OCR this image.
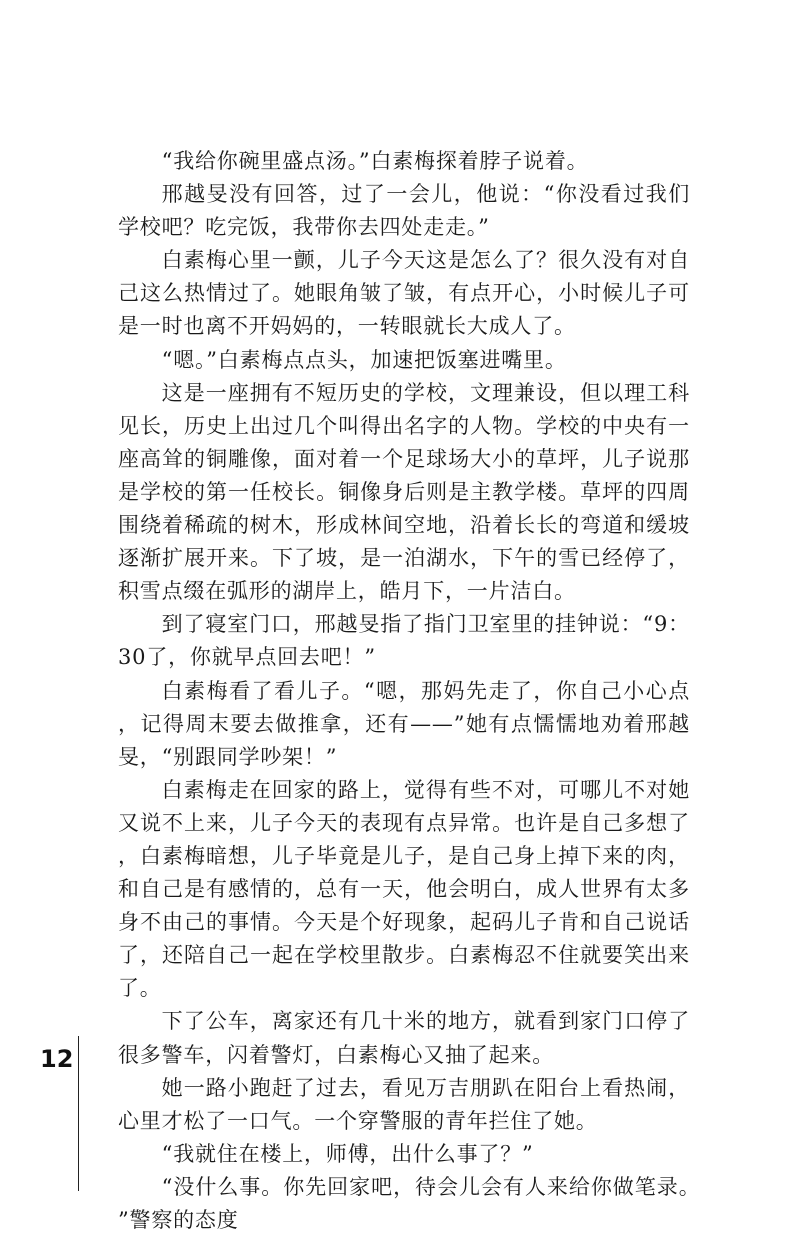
“我给你碗里盛点汤。”白素梅探着脖子说着。

邢越旻没有回答，过了一会儿，他说：“你没看过我们学校吧？吃完饭，我带你去四处走走。”

白素梅心里一颤，儿子今天这是怎么了？很久没有对自己这么热情过了。她眼角皱了皱，有点开心，小时候儿子可是一时也离不开妈妈的，一转眼就长大成人了。

“嗯。”白素梅点点头，加速把饭塞进嘴里。

这是一座拥有不短历史的学校，文理兼设，但以理工科见长，历史上出过几个叫得出名字的人物。学校的中央有一座高耸的铜雕像，面对着一个足球场大小的草坪，儿子说那是学校的第一任校长。铜像身后则是主教学楼。草坪的四周围绕着稀疏的树木，形成林间空地，沿着长长的弯道和缓坡逐渐扩展开来。下了坡，是一泊湖水，下午的雪已经停了，积雪点缀在弧形的湖岸上，皓月下，一片洁白。

到了寝室门口，邢越旻指了指门卫室里的挂钟说：“9：30了，你就早点回去吧！”

白素梅看了看儿子。“嗯，那妈先走了，你自己小心点，记得周末要去做推拿，还有——”她有点懦懦地劝着邢越旻，“别跟同学吵架！”

白素梅走在回家的路上，觉得有些不对，可哪儿不对她又说不上来，儿子今天的表现有点异常。也许是自己多想了，白素梅暗想，儿子毕竟是儿子，是自己身上掉下来的肉，和自己是有感情的，总有一天，他会明白，成人世界有太多身不由己的事情。今天是个好现象，起码儿子肯和自己说话了，还陪自己一起在学校里散步。白素梅忍不住就要笑出来了。

下了公车，离家还有几十米的地方，就看到家门口停了很多警车，闪着警灯，白素梅心又抽了起来。

她一路小跑赶了过去，看见万吉朋趴在阳台上看热闹，心里才松了一口气。一个穿警服的青年拦住了她。

“我就住在楼上，师傅，出什么事了？”

“没什么事。你先回家吧，待会儿会有人来给你做笔录。”警察的态度

12
